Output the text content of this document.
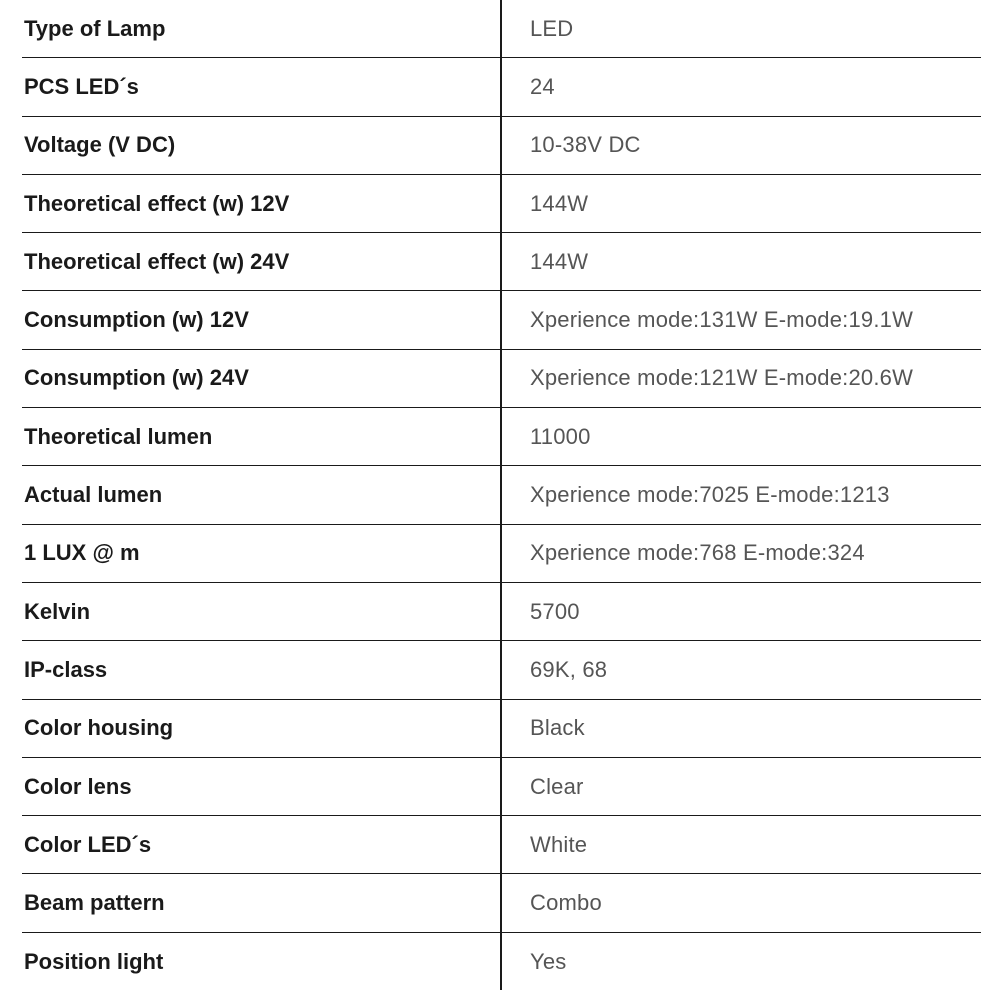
Type of Lamp	LED
PCS LED´s	24
Voltage (V DC)	10-38V DC
Theoretical effect (w) 12V	144W
Theoretical effect (w) 24V	144W
Consumption (w) 12V	Xperience mode:131W E-mode:19.1W
Consumption (w) 24V	Xperience mode:121W E-mode:20.6W
Theoretical lumen	11000
Actual lumen	Xperience mode:7025 E-mode:1213
1 LUX @ m	Xperience mode:768 E-mode:324
Kelvin	5700
IP-class	69K, 68
Color housing	Black
Color lens	Clear
Color LED´s	White
Beam pattern	Combo
Position light	Yes
